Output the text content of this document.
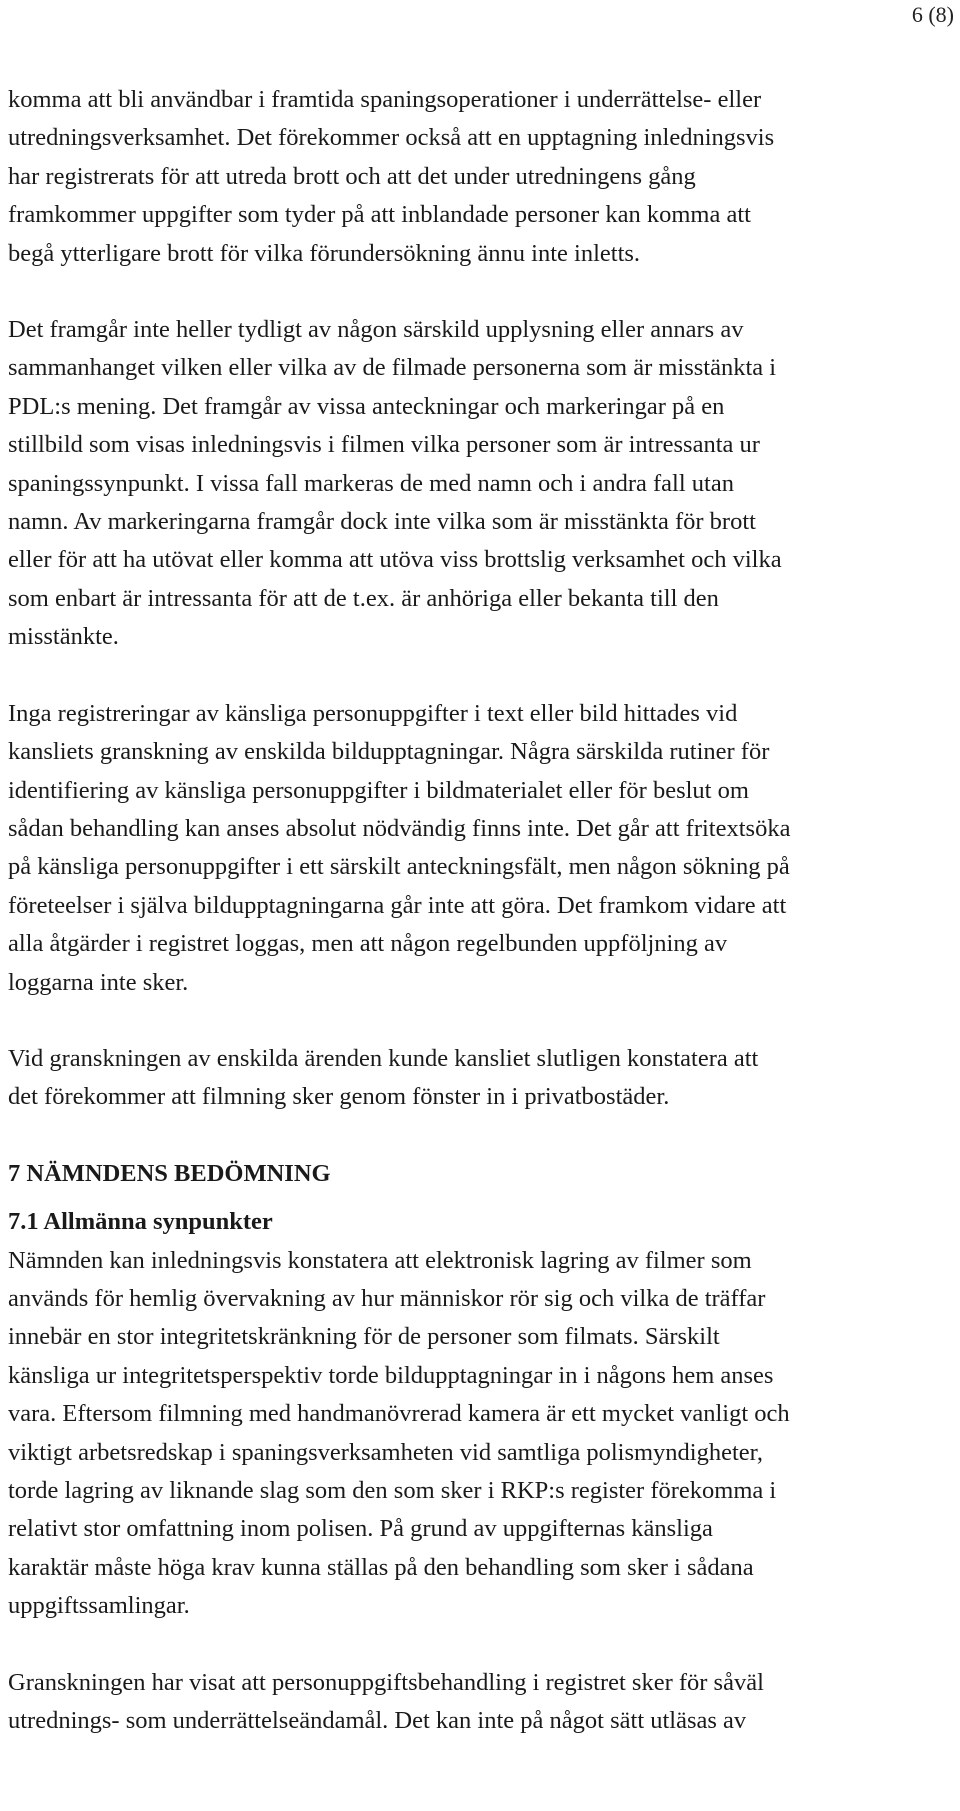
6 (8)

komma att bli användbar i framtida spaningsoperationer i underrättelse- eller
utredningsverksamhet. Det förekommer också att en upptagning inledningsvis
har registrerats för att utreda brott och att det under utredningens gång
framkommer uppgifter som tyder på att inblandade personer kan komma att
begå ytterligare brott för vilka förundersökning ännu inte inletts.

Det framgår inte heller tydligt av någon särskild upplysning eller annars av
sammanhanget vilken eller vilka av de filmade personerna som är misstänkta i
PDL:s mening. Det framgår av vissa anteckningar och markeringar på en
stillbild som visas inledningsvis i filmen vilka personer som är intressanta ur
spaningssynpunkt. I vissa fall markeras de med namn och i andra fall utan
namn. Av markeringarna framgår dock inte vilka som är misstänkta för brott
eller för att ha utövat eller komma att utöva viss brottslig verksamhet och vilka
som enbart är intressanta för att de t.ex. är anhöriga eller bekanta till den
misstänkte.

Inga registreringar av känsliga personuppgifter i text eller bild hittades vid
kansliets granskning av enskilda bildupptagningar. Några särskilda rutiner för
identifiering av känsliga personuppgifter i bildmaterialet eller för beslut om
sådan behandling kan anses absolut nödvändig finns inte. Det går att fritextsöka
på känsliga personuppgifter i ett särskilt anteckningsfält, men någon sökning på
företeelser i själva bildupptagningarna går inte att göra. Det framkom vidare att
alla åtgärder i registret loggas, men att någon regelbunden uppföljning av
loggarna inte sker.

Vid granskningen av enskilda ärenden kunde kansliet slutligen konstatera att
det förekommer att filmning sker genom fönster in i privatbostäder.

7 NÄMNDENS BEDÖMNING
7.1 Allmänna synpunkter

Nämnden kan inledningsvis konstatera att elektronisk lagring av filmer som
används för hemlig övervakning av hur människor rör sig och vilka de träffar
innebär en stor integritetskränkning för de personer som filmats. Särskilt
känsliga ur integritetsperspektiv torde bildupptagningar in i någons hem anses
vara. Eftersom filmning med handmanövrerad kamera är ett mycket vanligt och
viktigt arbetsredskap i spaningsverksamheten vid samtliga polismyndigheter,
torde lagring av liknande slag som den som sker i RKP:s register förekomma i
relativt stor omfattning inom polisen. På grund av uppgifternas känsliga
karaktär måste höga krav kunna ställas på den behandling som sker i sådana
uppgiftssamlingar.

Granskningen har visat att personuppgiftsbehandling i registret sker för såväl
utrednings- som underrättelseändamål. Det kan inte på något sätt utläsas av
